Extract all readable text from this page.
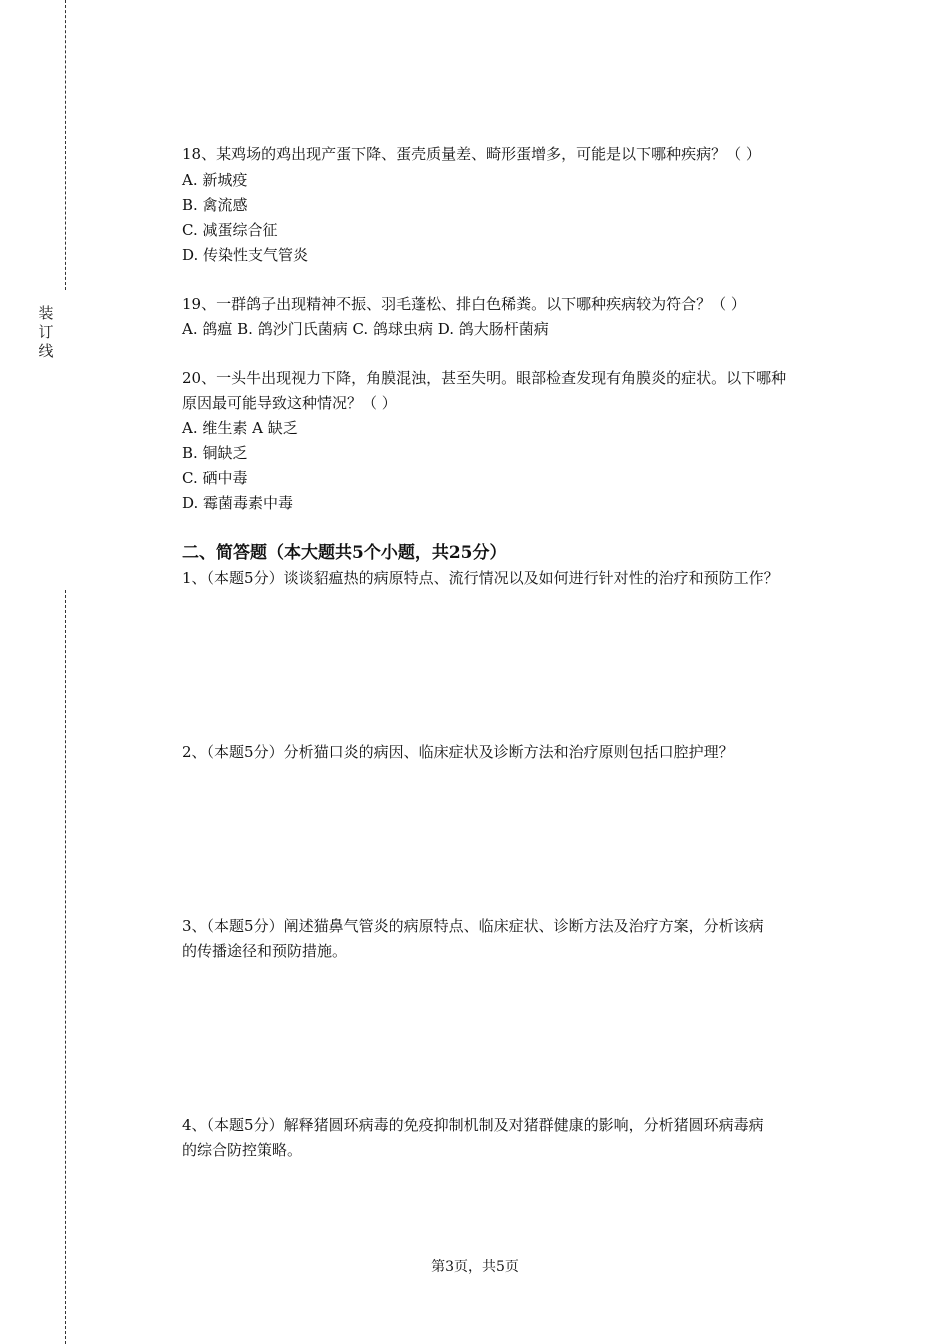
装
订
线
18、某鸡场的鸡出现产蛋下降、蛋壳质量差、畸形蛋增多，可能是以下哪种疾病？（ ）
A. 新城疫
B. 禽流感
C. 减蛋综合征
D. 传染性支气管炎
19、一群鸽子出现精神不振、羽毛蓬松、排白色稀粪。以下哪种疾病较为符合？（ ）
A. 鸽瘟 B. 鸽沙门氏菌病 C. 鸽球虫病 D. 鸽大肠杆菌病
20、一头牛出现视力下降，角膜混浊，甚至失明。眼部检查发现有角膜炎的症状。以下哪种
原因最可能导致这种情况？（ ）
A. 维生素 A 缺乏
B. 铜缺乏
C. 硒中毒
D. 霉菌毒素中毒
二、简答题（本大题共5个小题，共25分）
1、（本题5分）谈谈貂瘟热的病原特点、流行情况以及如何进行针对性的治疗和预防工作？
2、（本题5分）分析猫口炎的病因、临床症状及诊断方法和治疗原则包括口腔护理？
3、（本题5分）阐述猫鼻气管炎的病原特点、临床症状、诊断方法及治疗方案，分析该病
的传播途径和预防措施。
4、（本题5分）解释猪圆环病毒的免疫抑制机制及对猪群健康的影响，分析猪圆环病毒病
的综合防控策略。
第3页，共5页
